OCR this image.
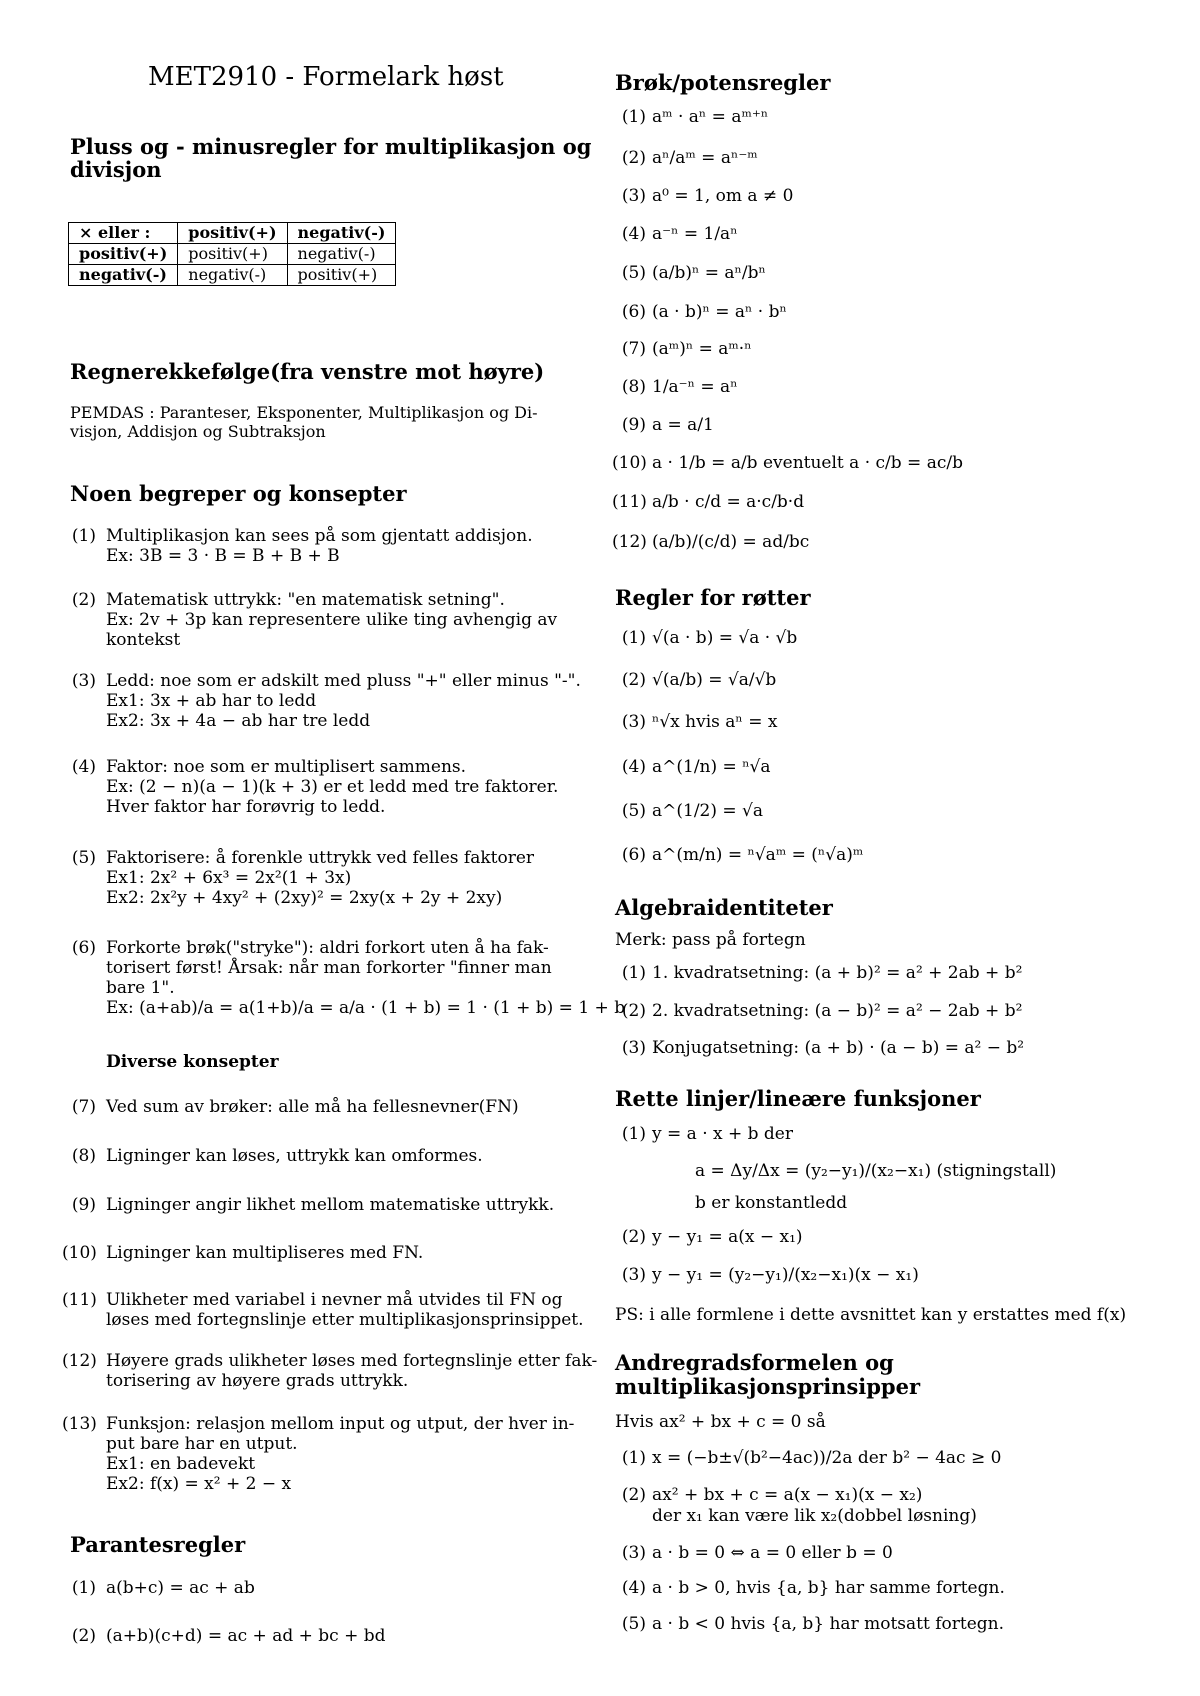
MET2910 - Formelark høst
Pluss og - minusregler for multiplikasjon og
divisjon
× eller :	positiv(+)	negativ(-)
positiv(+)	positiv(+)	negativ(-)
negativ(-)	negativ(-)	positiv(+)
Regnerekkefølge(fra venstre mot høyre)
PEMDAS : Paranteser, Eksponenter, Multiplikasjon og Di-
visjon, Addisjon og Subtraksjon
Noen begreper og konsepter
(1) Multiplikasjon kan sees på som gjentatt addisjon.
Ex: 3B = 3 · B = B + B + B
(2) Matematisk uttrykk: "en matematisk setning".
Ex: 2v + 3p kan representere ulike ting avhengig av
kontekst
(3) Ledd: noe som er adskilt med pluss "+" eller minus "-".
Ex1: 3x + ab har to ledd
Ex2: 3x + 4a − ab har tre ledd
(4) Faktor: noe som er multiplisert sammens.
Ex: (2 − n)(a − 1)(k + 3) er et ledd med tre faktorer.
Hver faktor har forøvrig to ledd.
(5) Faktorisere: å forenkle uttrykk ved felles faktorer
Ex1: 2x² + 6x³ = 2x²(1 + 3x)
Ex2: 2x²y + 4xy² + (2xy)² = 2xy(x + 2y + 2xy)
(6) Forkorte brøk("stryke"): aldri forkort uten å ha fak-
torisert først! Årsak: når man forkorter "finner man
bare 1".
Ex: (a+ab)/a = a(1+b)/a = a/a · (1 + b) = 1 · (1 + b) = 1 + b
Diverse konsepter
(7) Ved sum av brøker: alle må ha fellesnevner(FN)
(8) Ligninger kan løses, uttrykk kan omformes.
(9) Ligninger angir likhet mellom matematiske uttrykk.
(10) Ligninger kan multipliseres med FN.
(11) Ulikheter med variabel i nevner må utvides til FN og
løses med fortegnslinje etter multiplikasjonsprinsippet.
(12) Høyere grads ulikheter løses med fortegnslinje etter fak-
torisering av høyere grads uttrykk.
(13) Funksjon: relasjon mellom input og utput, der hver in-
put bare har en utput.
Ex1: en badevekt
Ex2: f(x) = x² + 2 − x
Parantesregler
(1) a(b+c) = ac + ab
(2) (a+b)(c+d) = ac + ad + bc + bd
Brøk/potensregler
(1) aᵐ · aⁿ = aᵐ⁺ⁿ
(2) aⁿ/aᵐ = aⁿ⁻ᵐ
(3) a⁰ = 1, om a ≠ 0
(4) a⁻ⁿ = 1/aⁿ
(5) (a/b)ⁿ = aⁿ/bⁿ
(6) (a · b)ⁿ = aⁿ · bⁿ
(7) (aᵐ)ⁿ = aᵐ·ⁿ
(8) 1/a⁻ⁿ = aⁿ
(9) a = a/1
(10) a · 1/b = a/b eventuelt a · c/b = ac/b
(11) a/b · c/d = a·c/b·d
(12) (a/b)/(c/d) = ad/bc
Regler for røtter
(1) √(a · b) = √a · √b
(2) √(a/b) = √a/√b
(3) ⁿ√x hvis aⁿ = x
(4) a^(1/n) = ⁿ√a
(5) a^(1/2) = √a
(6) a^(m/n) = ⁿ√aᵐ = (ⁿ√a)ᵐ
Algebraidentiteter
Merk: pass på fortegn
(1) 1. kvadratsetning: (a + b)² = a² + 2ab + b²
(2) 2. kvadratsetning: (a − b)² = a² − 2ab + b²
(3) Konjugatsetning: (a + b) · (a − b) = a² − b²
Rette linjer/lineære funksjoner
(1) y = a · x + b der
a = Δy/Δx = (y₂−y₁)/(x₂−x₁) (stigningstall)
b er konstantledd
(2) y − y₁ = a(x − x₁)
(3) y − y₁ = (y₂−y₁)/(x₂−x₁)(x − x₁)
PS: i alle formlene i dette avsnittet kan y erstattes med f(x)
Andregradsformelen og
multiplikasjonsprinsipper
Hvis ax² + bx + c = 0 så
(1) x = (−b±√(b²−4ac))/2a der b² − 4ac ≥ 0
(2) ax² + bx + c = a(x − x₁)(x − x₂)
der x₁ kan være lik x₂(dobbel løsning)
(3) a · b = 0 ⇔ a = 0 eller b = 0
(4) a · b > 0, hvis {a, b} har samme fortegn.
(5) a · b < 0 hvis {a, b} har motsatt fortegn.
